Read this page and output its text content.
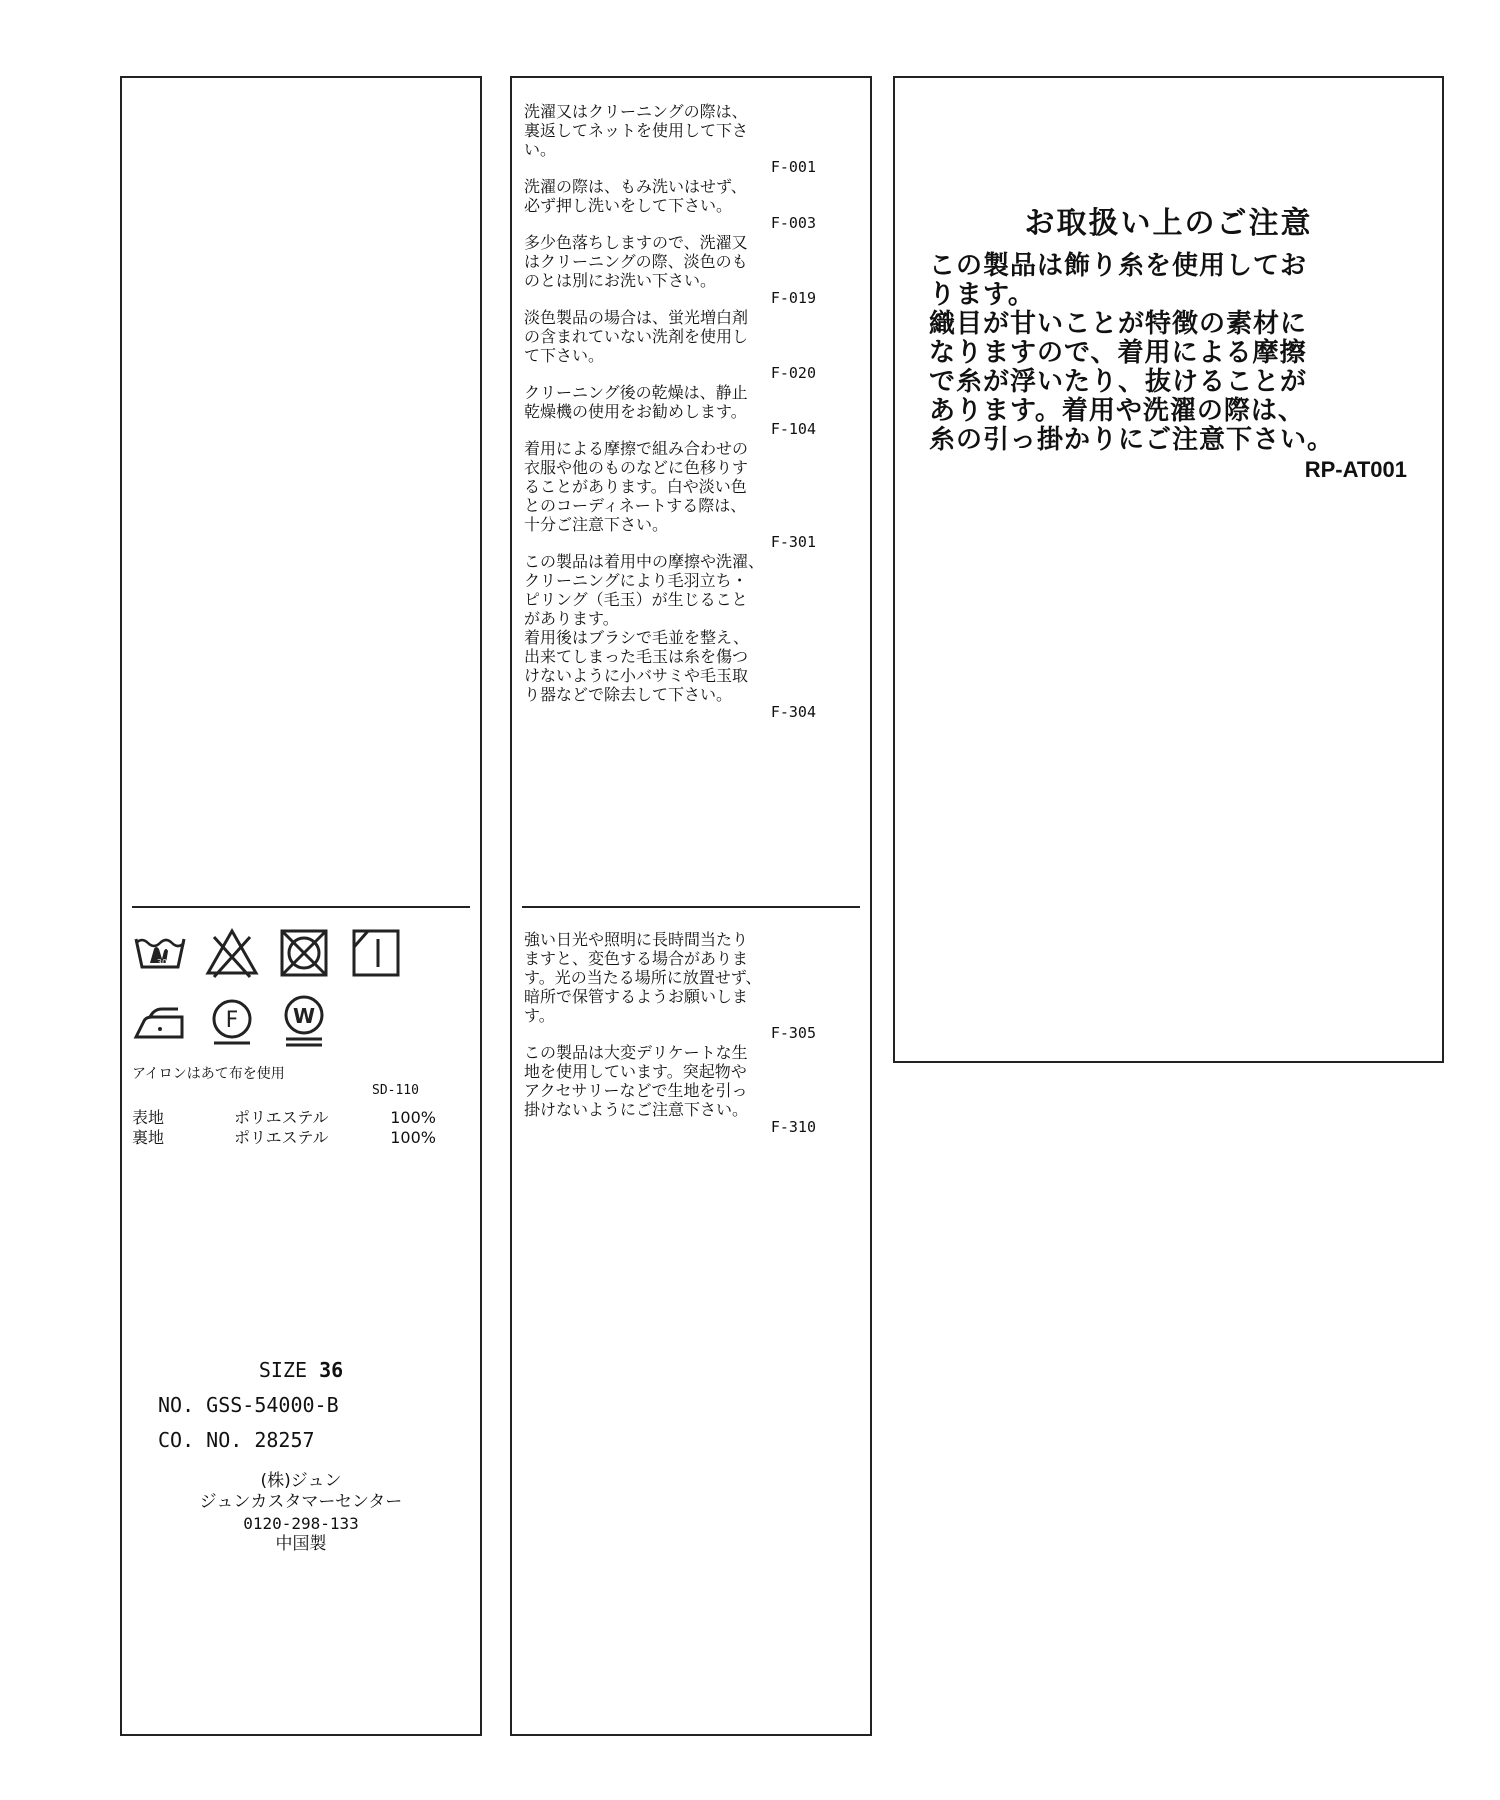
30
F	W
アイロンはあて布を使用
SD-110
表地	ポリエステル	100%
裏地	ポリエステル	100%
SIZE 36
NO. GSS-54000-B
CO. NO. 28257
(株)ジュン
ジュンカスタマーセンター
0120-298-133
中国製
洗濯又はクリーニングの際は、
裏返してネットを使用して下さ
い。
F-001
洗濯の際は、もみ洗いはせず、
必ず押し洗いをして下さい。
F-003
多少色落ちしますので、洗濯又
はクリーニングの際、淡色のも
のとは別にお洗い下さい。
F-019
淡色製品の場合は、蛍光増白剤
の含まれていない洗剤を使用し
て下さい。
F-020
クリーニング後の乾燥は、静止
乾燥機の使用をお勧めします。
F-104
着用による摩擦で組み合わせの
衣服や他のものなどに色移りす
ることがあります。白や淡い色
とのコーディネートする際は、
十分ご注意下さい。
F-301
この製品は着用中の摩擦や洗濯、
クリーニングにより毛羽立ち・
ピリング（毛玉）が生じること
があります。
着用後はブラシで毛並を整え、
出来てしまった毛玉は糸を傷つ
けないように小バサミや毛玉取
り器などで除去して下さい。
F-304
強い日光や照明に長時間当たり
ますと、変色する場合がありま
す。光の当たる場所に放置せず、
暗所で保管するようお願いしま
す。
F-305
この製品は大変デリケートな生
地を使用しています。突起物や
アクセサリーなどで生地を引っ
掛けないようにご注意下さい。
F-310
お取扱い上のご注意
この製品は飾り糸を使用してお
ります。
織目が甘いことが特徴の素材に
なりますので、着用による摩擦
で糸が浮いたり、抜けることが
あります。着用や洗濯の際は、
糸の引っ掛かりにご注意下さい。
RP-AT001
